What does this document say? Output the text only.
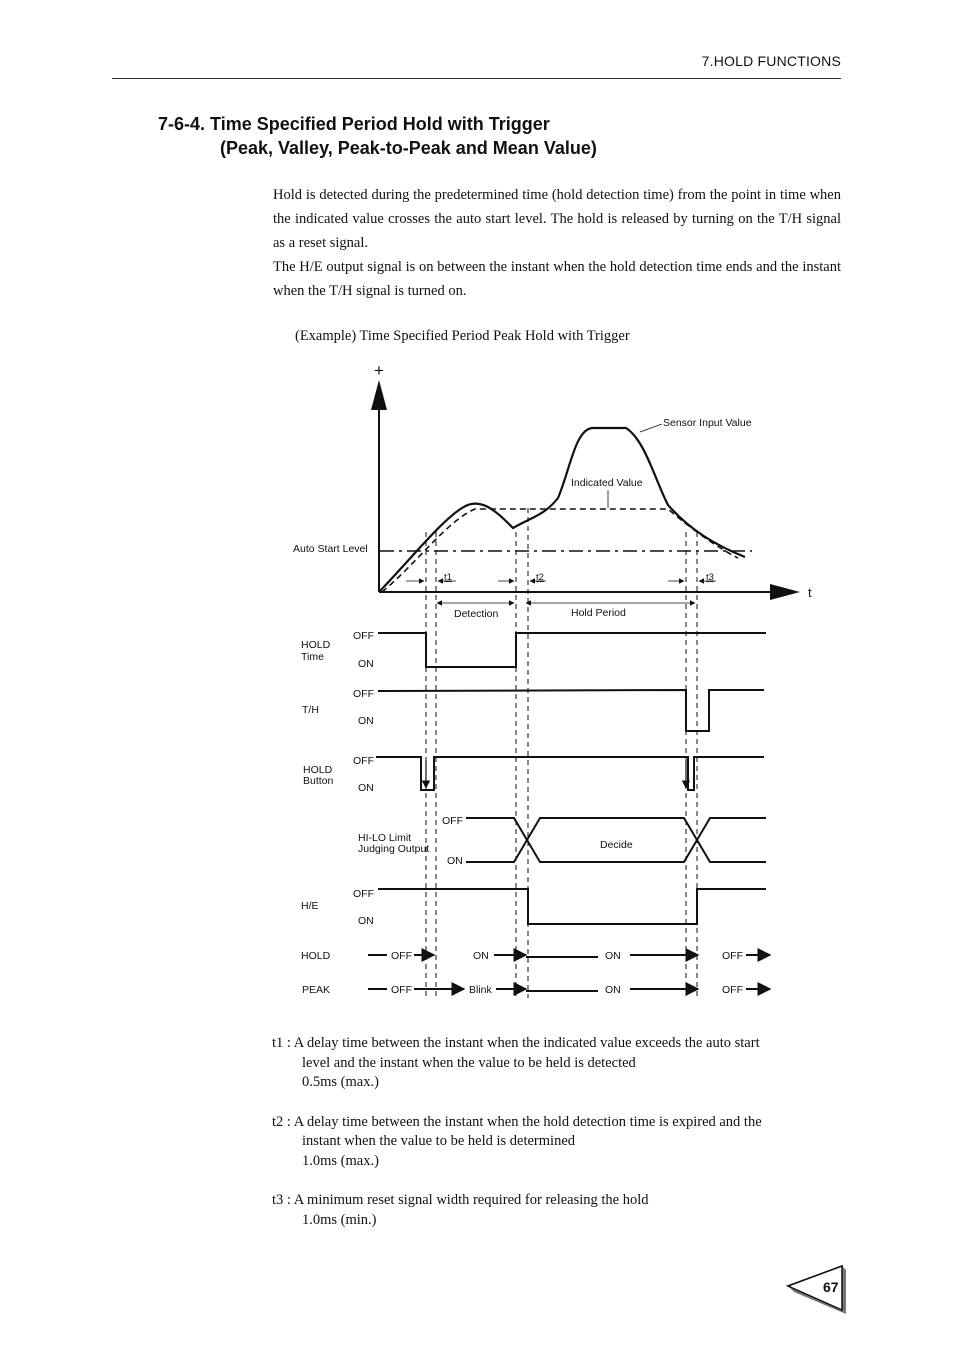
7.HOLD FUNCTIONS
7-6-4. Time Specified Period Hold with Trigger
(Peak, Valley, Peak-to-Peak and Mean Value)

Hold is detected during the predetermined time (hold detection time) from the point in time when the indicated value crosses the auto start level. The hold is released by turning on the T/H signal as a reset signal.

The H/E output signal is on between the instant when the hold detection time ends and the instant when the T/H signal is turned on.

(Example) Time Specified Period Peak Hold with Trigger
+
t
Auto Start Level
Sensor Input Value
Indicated Value
t1	t2	t3
Detection	Hold Period
HOLD
Time
OFF
ON
T/H
OFF
ON
HOLD
Button
OFF
ON
HI-LO Limit
Judging Output
OFF
ON
Decide
H/E
OFF
ON
HOLD	OFF	ON	ON	OFF
PEAK	OFF	Blink	ON	OFF
t1 : A delay time between the instant when the indicated value exceeds the auto start
level and the instant when the value to be held is detected
0.5ms (max.)
t2 : A delay time between the instant when the hold detection time is expired and the
instant when the value to be held is determined
1.0ms (max.)
t3 : A minimum reset signal width required for releasing the hold
1.0ms (min.)
67
